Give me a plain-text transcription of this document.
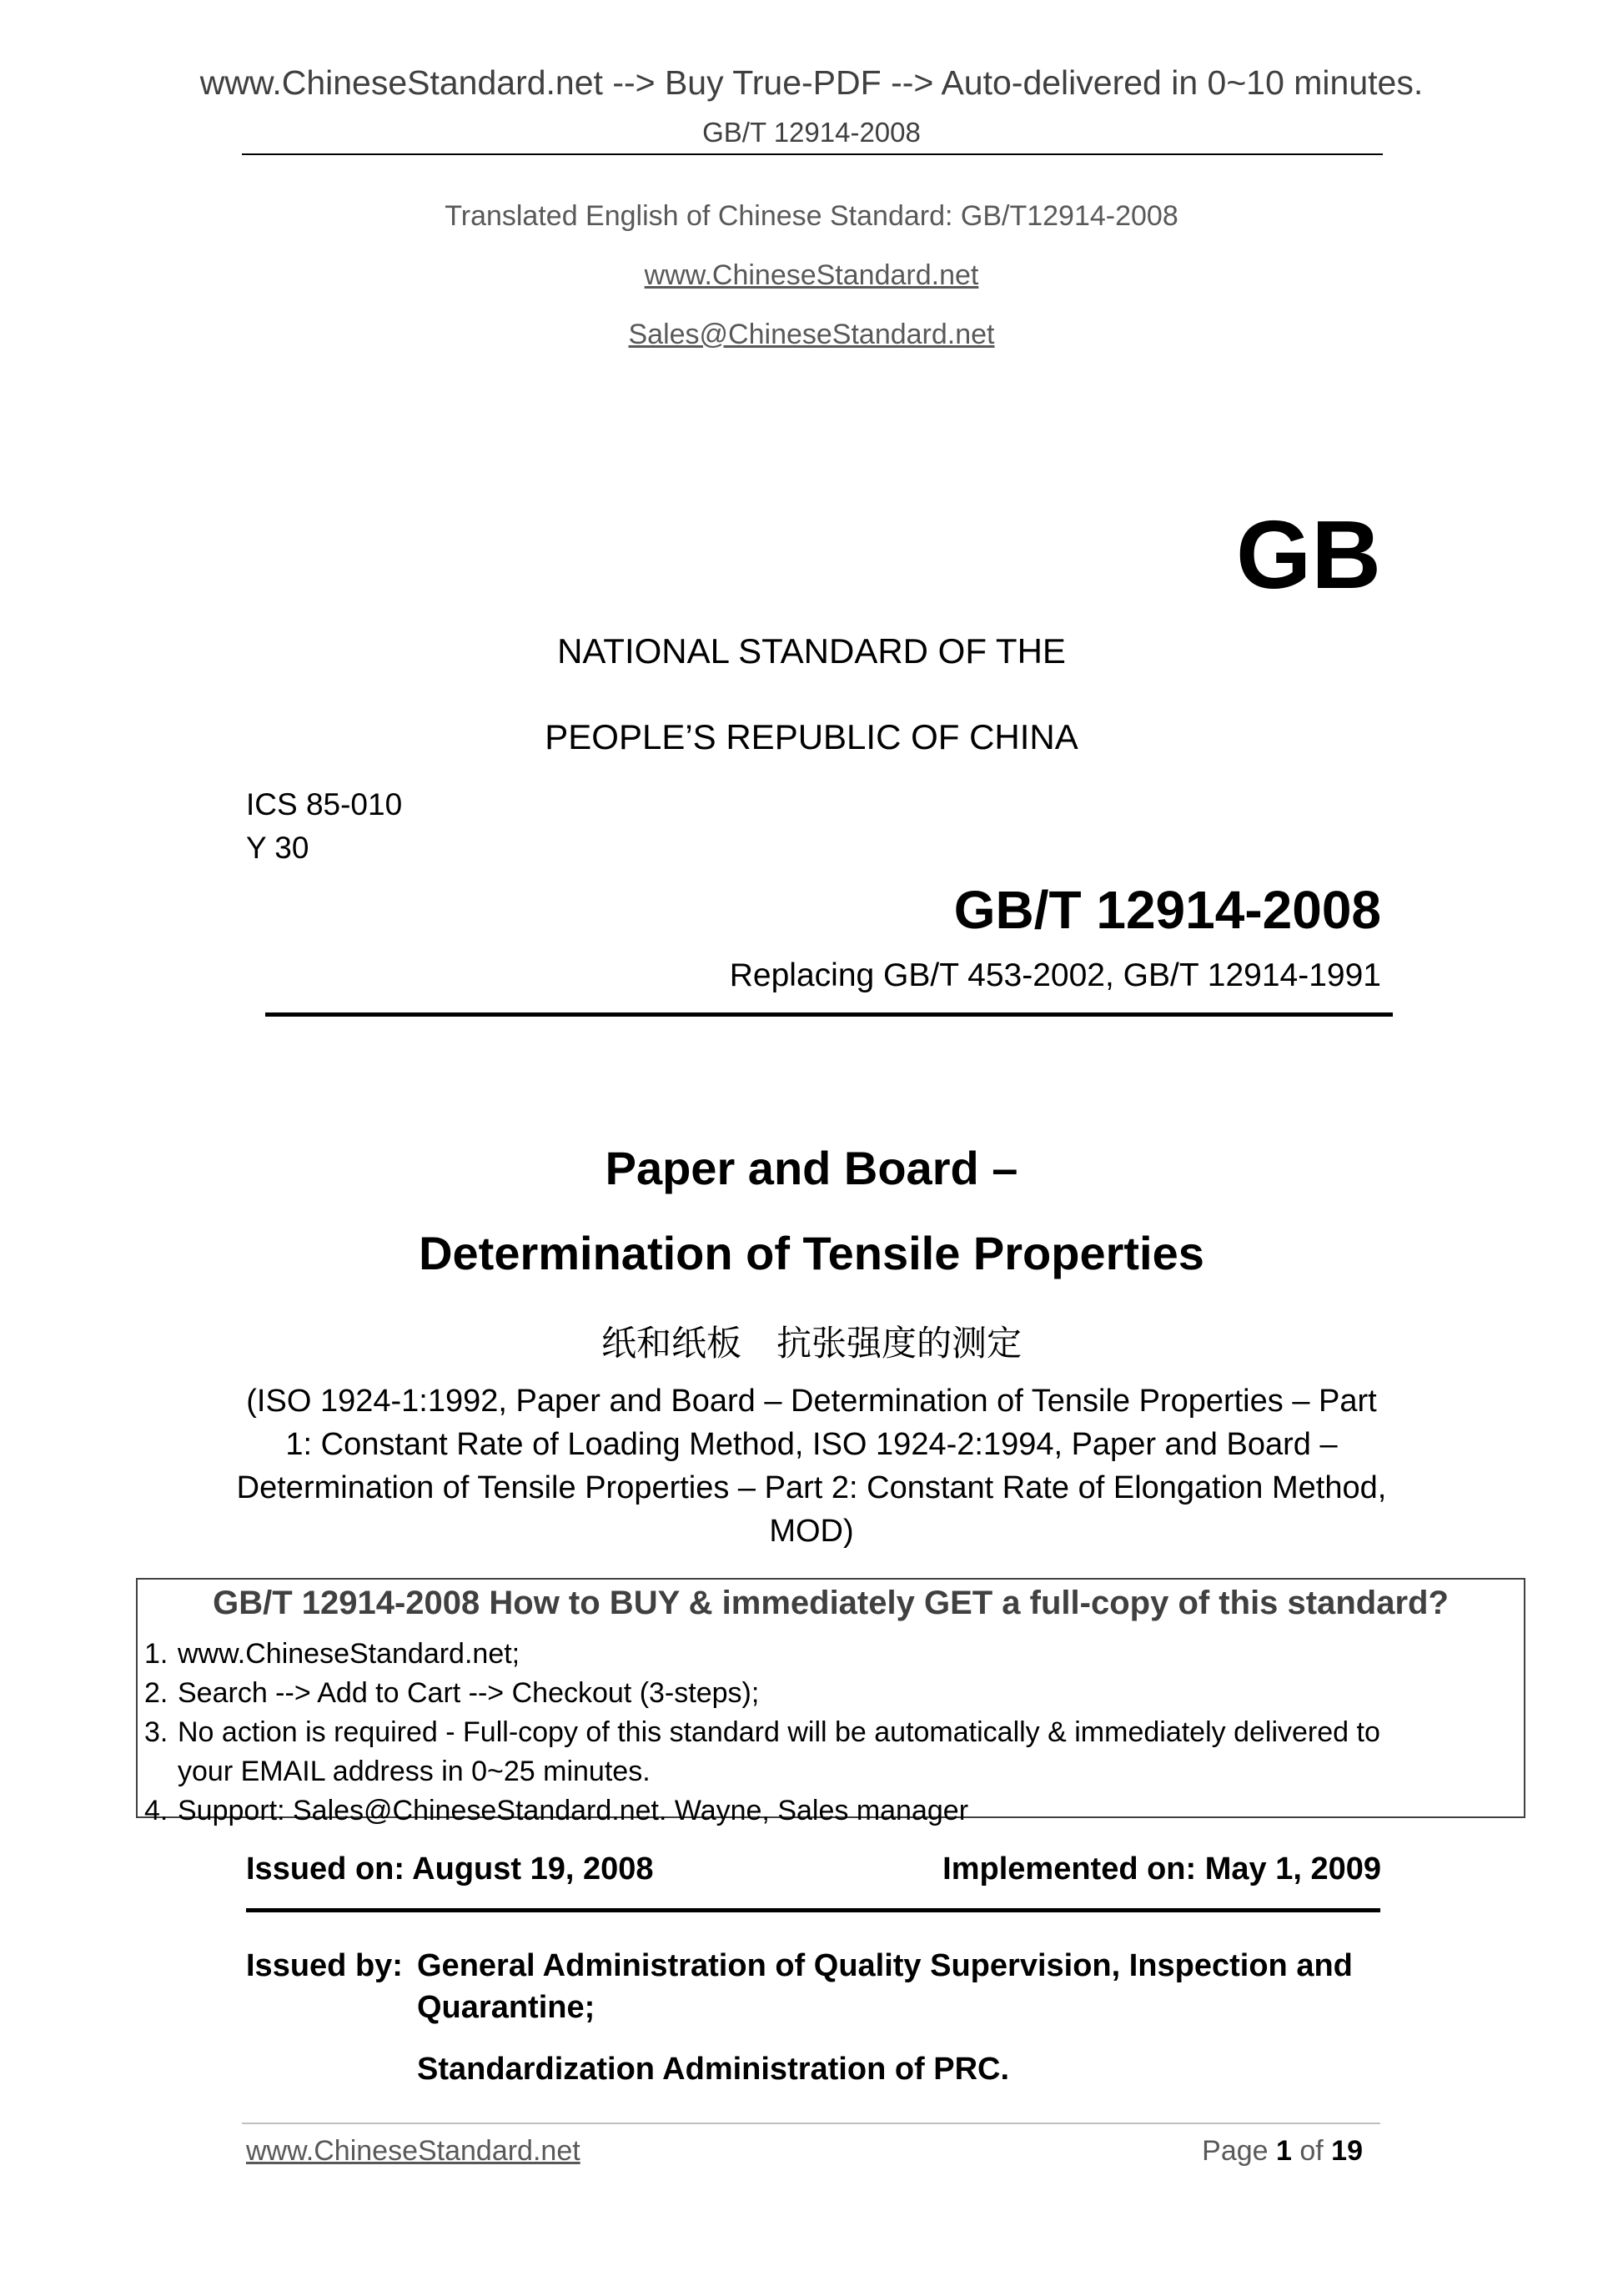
www.ChineseStandard.net --> Buy True-PDF --> Auto-delivered in 0~10 minutes.
GB/T 12914-2008
Translated English of Chinese Standard: GB/T12914-2008
www.ChineseStandard.net
Sales@ChineseStandard.net
GB
NATIONAL STANDARD OF THE
PEOPLE’S REPUBLIC OF CHINA
ICS 85-010
Y 30
GB/T 12914-2008
Replacing GB/T 453-2002, GB/T 12914-1991
Paper and Board –
Determination of Tensile Properties
纸和纸板　抗张强度的测定
(ISO 1924-1:1992, Paper and Board – Determination of Tensile Properties – Part 1: Constant Rate of Loading Method, ISO 1924-2:1994, Paper and Board – Determination of Tensile Properties – Part 2: Constant Rate of Elongation Method, MOD)
GB/T 12914-2008 How to BUY & immediately GET a full-copy of this standard?
1. www.ChineseStandard.net;
2. Search --> Add to Cart --> Checkout (3-steps);
3. No action is required - Full-copy of this standard will be automatically & immediately delivered to
your EMAIL address in 0~25 minutes.
4. Support: Sales@ChineseStandard.net. Wayne, Sales manager
Issued on: August 19, 2008	Implemented on: May 1, 2009
Issued by: General Administration of Quality Supervision, Inspection and
Quarantine;
Standardization Administration of PRC.
www.ChineseStandard.net	Page 1 of 19
